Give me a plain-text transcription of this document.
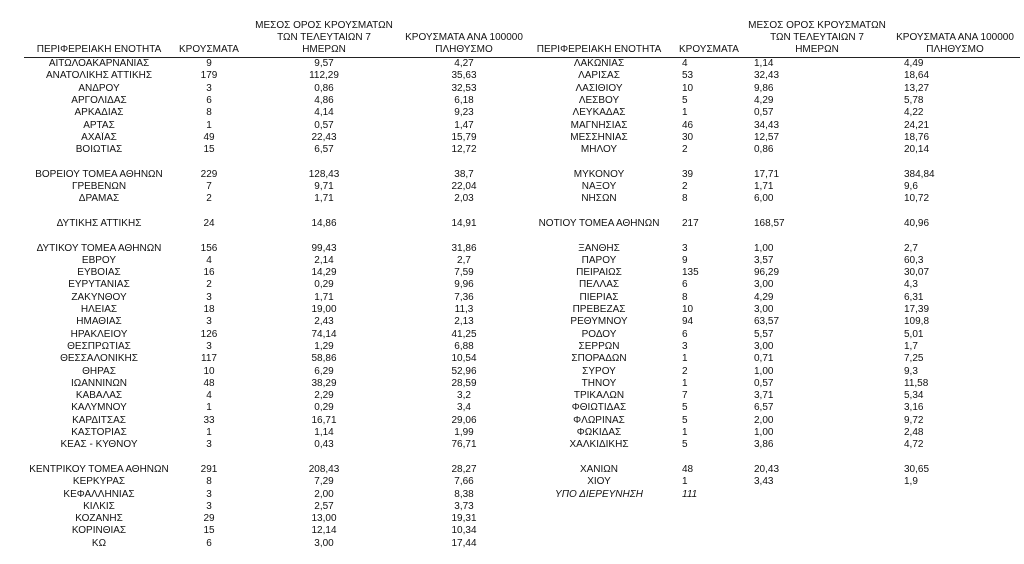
ΠΕΡΙΦΕΡΕΙΑΚΗ ΕΝΟΤΗΤΑ	ΚΡΟΥΣΜΑΤΑ	ΜΕΣΟΣ ΟΡΟΣ ΚΡΟΥΣΜΑΤΩΝ
ΤΩΝ ΤΕΛΕΥΤΑΙΩΝ 7
ΗΜΕΡΩΝ	ΚΡΟΥΣΜΑΤΑ ΑΝΑ 100000
ΠΛΗΘΥΣΜΟ
ΑΙΤΩΛΟΑΚΑΡΝΑΝΙΑΣ	9	9,57	4,27
ΑΝΑΤΟΛΙΚΗΣ ΑΤΤΙΚΗΣ	179	112,29	35,63
ΑΝΔΡΟΥ	3	0,86	32,53
ΑΡΓΟΛΙΔΑΣ	6	4,86	6,18
ΑΡΚΑΔΙΑΣ	8	4,14	9,23
ΑΡΤΑΣ	1	0,57	1,47
ΑΧΑΪΑΣ	49	22,43	15,79
ΒΟΙΩΤΙΑΣ	15	6,57	12,72

ΒΟΡΕΙΟΥ ΤΟΜΕΑ ΑΘΗΝΩΝ	229	128,43	38,7
ΓΡΕΒΕΝΩΝ	7	9,71	22,04
ΔΡΑΜΑΣ	2	1,71	2,03

ΔΥΤΙΚΗΣ ΑΤΤΙΚΗΣ	24	14,86	14,91

ΔΥΤΙΚΟΥ ΤΟΜΕΑ ΑΘΗΝΩΝ	156	99,43	31,86
ΕΒΡΟΥ	4	2,14	2,7
ΕΥΒΟΙΑΣ	16	14,29	7,59
ΕΥΡΥΤΑΝΙΑΣ	2	0,29	9,96
ΖΑΚΥΝΘΟΥ	3	1,71	7,36
ΗΛΕΙΑΣ	18	19,00	11,3
ΗΜΑΘΙΑΣ	3	2,43	2,13
ΗΡΑΚΛΕΙΟΥ	126	74,14	41,25
ΘΕΣΠΡΩΤΙΑΣ	3	1,29	6,88
ΘΕΣΣΑΛΟΝΙΚΗΣ	117	58,86	10,54
ΘΗΡΑΣ	10	6,29	52,96
ΙΩΑΝΝΙΝΩΝ	48	38,29	28,59
ΚΑΒΑΛΑΣ	4	2,29	3,2
ΚΑΛΥΜΝΟΥ	1	0,29	3,4
ΚΑΡΔΙΤΣΑΣ	33	16,71	29,06
ΚΑΣΤΟΡΙΑΣ	1	1,14	1,99
ΚΕΑΣ - ΚΥΘΝΟΥ	3	0,43	76,71

ΚΕΝΤΡΙΚΟΥ ΤΟΜΕΑ ΑΘΗΝΩΝ	291	208,43	28,27
ΚΕΡΚΥΡΑΣ	8	7,29	7,66
ΚΕΦΑΛΛΗΝΙΑΣ	3	2,00	8,38
ΚΙΛΚΙΣ	3	2,57	3,73
ΚΟΖΑΝΗΣ	29	13,00	19,31
ΚΟΡΙΝΘΙΑΣ	15	12,14	10,34
ΚΩ	6	3,00	17,44
ΠΕΡΙΦΕΡΕΙΑΚΗ ΕΝΟΤΗΤΑ	ΚΡΟΥΣΜΑΤΑ	ΜΕΣΟΣ ΟΡΟΣ ΚΡΟΥΣΜΑΤΩΝ
ΤΩΝ ΤΕΛΕΥΤΑΙΩΝ 7
ΗΜΕΡΩΝ	ΚΡΟΥΣΜΑΤΑ ΑΝΑ 100000
ΠΛΗΘΥΣΜΟ
ΛΑΚΩΝΙΑΣ	4	1,14	4,49
ΛΑΡΙΣΑΣ	53	32,43	18,64
ΛΑΣΙΘΙΟΥ	10	9,86	13,27
ΛΕΣΒΟΥ	5	4,29	5,78
ΛΕΥΚΑΔΑΣ	1	0,57	4,22
ΜΑΓΝΗΣΙΑΣ	46	34,43	24,21
ΜΕΣΣΗΝΙΑΣ	30	12,57	18,76
ΜΗΛΟΥ	2	0,86	20,14

ΜΥΚΟΝΟΥ	39	17,71	384,84
ΝΑΞΟΥ	2	1,71	9,6
ΝΗΣΩΝ	8	6,00	10,72

ΝΟΤΙΟΥ ΤΟΜΕΑ ΑΘΗΝΩΝ	217	168,57	40,96

ΞΑΝΘΗΣ	3	1,00	2,7
ΠΑΡΟΥ	9	3,57	60,3
ΠΕΙΡΑΙΩΣ	135	96,29	30,07
ΠΕΛΛΑΣ	6	3,00	4,3
ΠΙΕΡΙΑΣ	8	4,29	6,31
ΠΡΕΒΕΖΑΣ	10	3,00	17,39
ΡΕΘΥΜΝΟΥ	94	63,57	109,8
ΡΟΔΟΥ	6	5,57	5,01
ΣΕΡΡΩΝ	3	3,00	1,7
ΣΠΟΡΑΔΩΝ	1	0,71	7,25
ΣΥΡΟΥ	2	1,00	9,3
ΤΗΝΟΥ	1	0,57	11,58
ΤΡΙΚΑΛΩΝ	7	3,71	5,34
ΦΘΙΩΤΙΔΑΣ	5	6,57	3,16
ΦΛΩΡΙΝΑΣ	5	2,00	9,72
ΦΩΚΙΔΑΣ	1	1,00	2,48
ΧΑΛΚΙΔΙΚΗΣ	5	3,86	4,72

ΧΑΝΙΩΝ	48	20,43	30,65
ΧΙΟΥ	1	3,43	1,9
ΥΠΟ ΔΙΕΡΕΥΝΗΣΗ	111		
